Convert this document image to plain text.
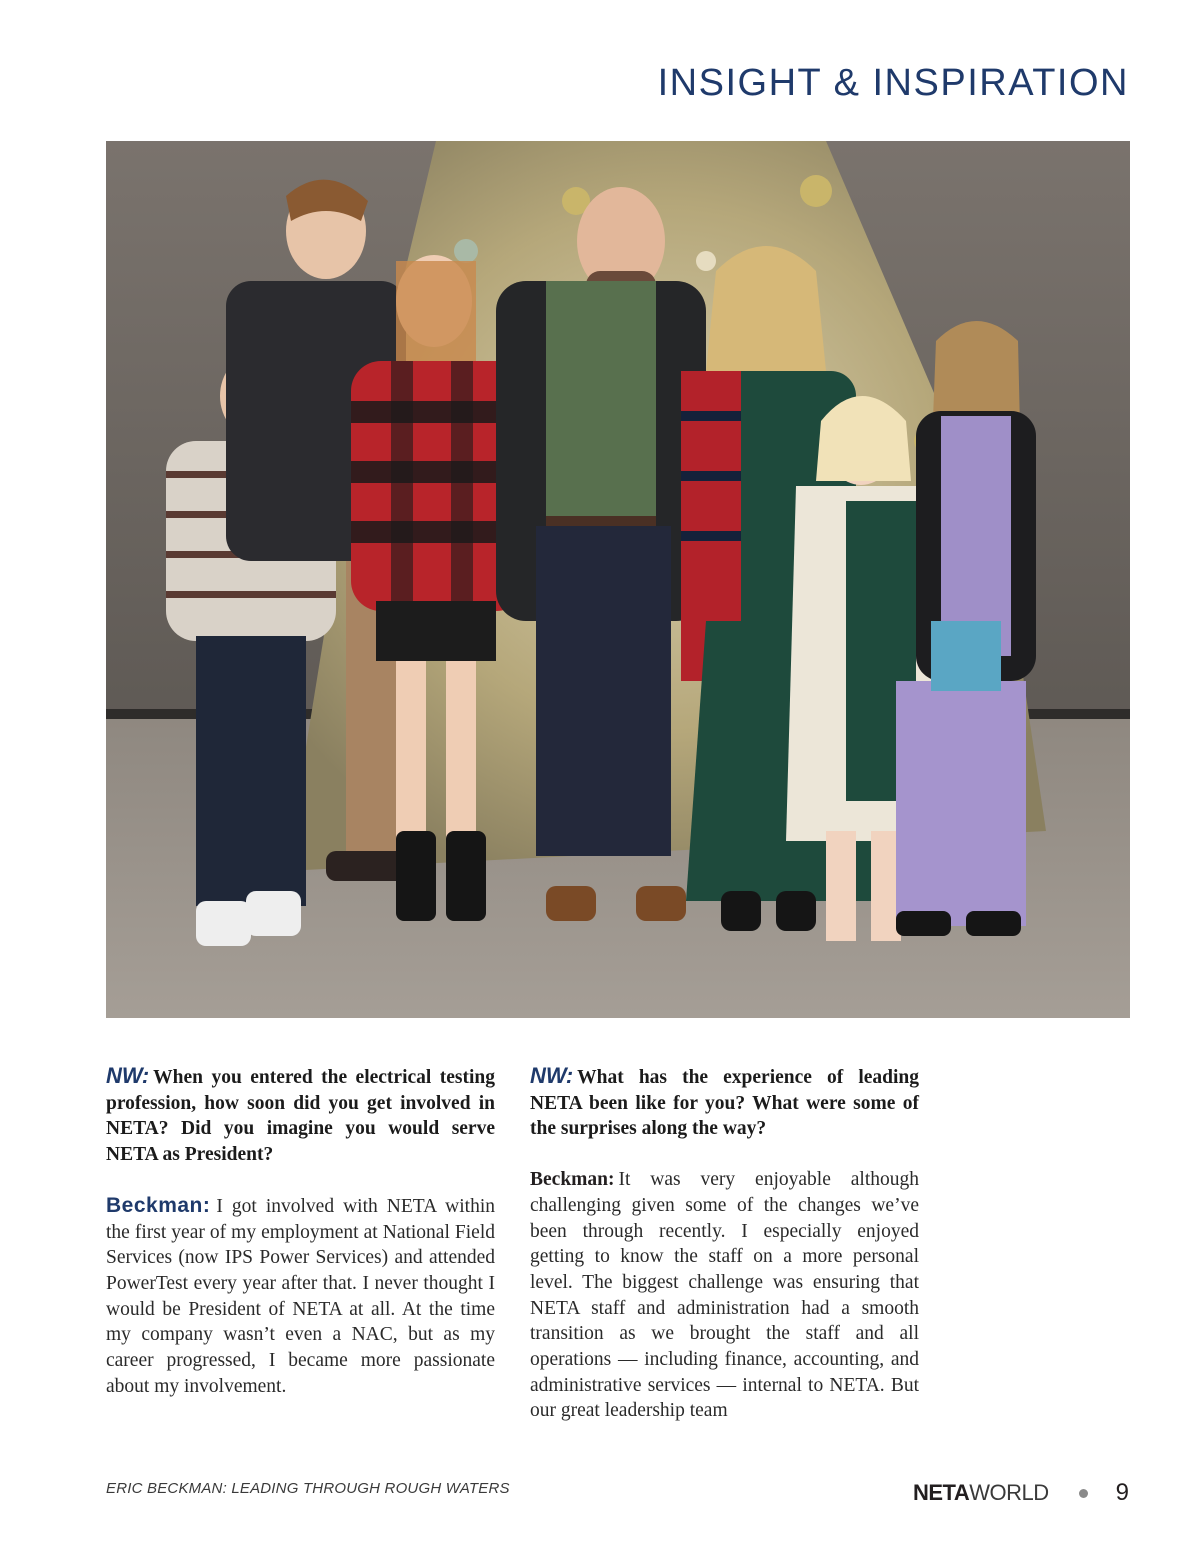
INSIGHT & INSPIRATION

NW: When you entered the electrical testing profession, how soon did you get involved in NETA? Did you imagine you would serve NETA as President?

Beckman: I got involved with NETA within the first year of my employment at National Field Services (now IPS Power Services) and attended PowerTest every year after that. I never thought I would be President of NETA at all. At the time my company wasn’t even a NAC, but as my career progressed, I became more passionate about my involvement.

NW: What has the experience of leading NETA been like for you? What were some of the surprises along the way?

Beckman: It was very enjoyable although challenging given some of the changes we’ve been through recently. I especially enjoyed getting to know the staff on a more personal level. The biggest challenge was ensuring that NETA staff and administration had a smooth transition as we brought the staff and all operations — including finance, accounting, and administrative services — internal to NETA. But our great leadership team

ERIC BECKMAN: LEADING THROUGH ROUGH WATERS	NETA WORLD	9
